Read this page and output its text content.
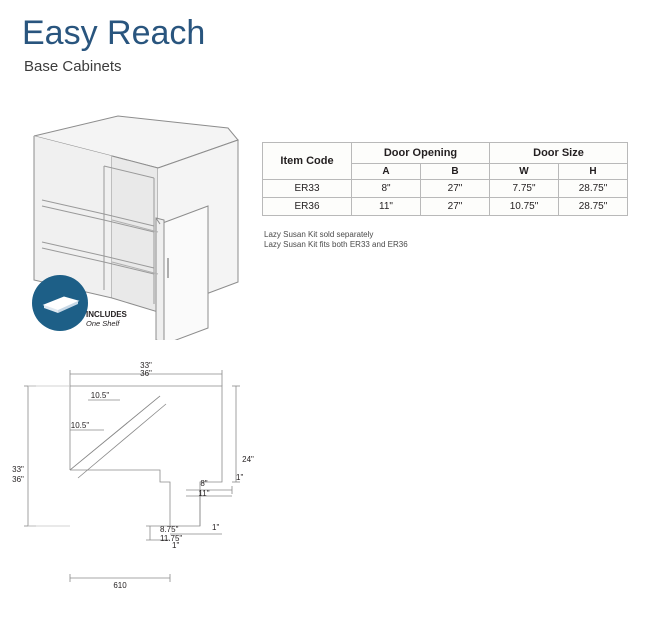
Easy Reach
Base Cabinets
INCLUDES
One Shelf
Item Code	Door Opening		Door Size	
	A	B	W	H
ER33	8"	27"	7.75"	28.75"
ER36	11"	27"	10.75"	28.75"
Lazy Susan Kit sold separately
Lazy Susan Kit fits both ER33 and ER36
33"
36"
33"
36"
24"
10.5"
10.5"
8"
11"
8.75"
11.75"
610
1"
1"
1"
